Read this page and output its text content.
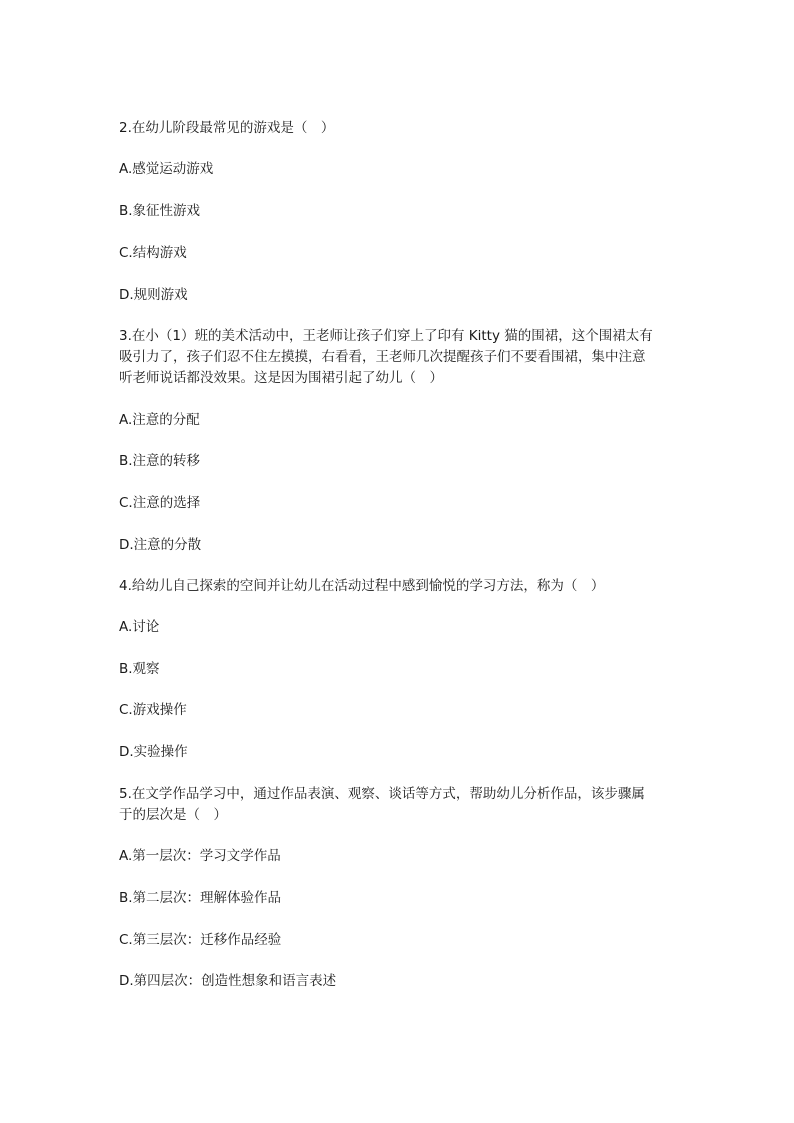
2.在幼儿阶段最常见的游戏是（　）
A.感觉运动游戏
B.象征性游戏
C.结构游戏
D.规则游戏
3.在小（1）班的美术活动中，王老师让孩子们穿上了印有 Kitty 猫的围裙，这个围裙太有
吸引力了，孩子们忍不住左摸摸，右看看，王老师几次提醒孩子们不要看围裙，集中注意
听老师说话都没效果。这是因为围裙引起了幼儿（　）
A.注意的分配
B.注意的转移
C.注意的选择
D.注意的分散
4.给幼儿自己探索的空间并让幼儿在活动过程中感到愉悦的学习方法，称为（　）
A.讨论
B.观察
C.游戏操作
D.实验操作
5.在文学作品学习中，通过作品表演、观察、谈话等方式，帮助幼儿分析作品，该步骤属
于的层次是（　）
A.第一层次：学习文学作品
B.第二层次：理解体验作品
C.第三层次：迁移作品经验
D.第四层次：创造性想象和语言表述
